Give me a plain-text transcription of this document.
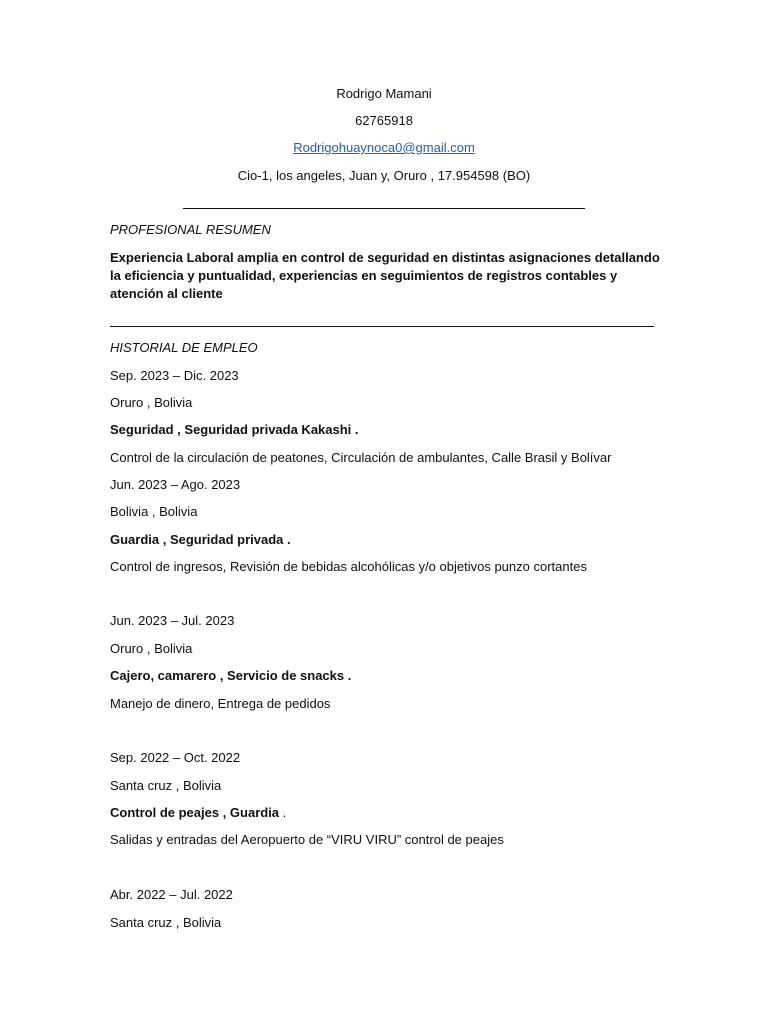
Rodrigo Mamani
62765918
Rodrigohuaynoca0@gmail.com
Cio-1, los angeles, Juan y, Oruro , 17.954598 (BO)
PROFESIONAL RESUMEN
Experiencia Laboral amplia en control de seguridad en distintas asignaciones detallando la eficiencia y puntualidad, experiencias en seguimientos de registros contables y atención al cliente
HISTORIAL DE EMPLEO
Sep. 2023 – Dic. 2023
Oruro , Bolivia
Seguridad , Seguridad privada Kakashi .
Control de la circulación de peatones, Circulación de ambulantes, Calle Brasil y Bolívar
Jun. 2023 – Ago. 2023
Bolivia , Bolivia
Guardia , Seguridad privada .
Control de ingresos, Revisión de bebidas alcohólicas y/o objetivos punzo cortantes
Jun. 2023 – Jul. 2023
Oruro , Bolivia
Cajero, camarero , Servicio de snacks .
Manejo de dinero, Entrega de pedidos
Sep. 2022 – Oct. 2022
Santa cruz , Bolivia
Control de peajes , Guardia .
Salidas y entradas del Aeropuerto de “VIRU VIRU” control de peajes
Abr. 2022 – Jul. 2022
Santa cruz , Bolivia
